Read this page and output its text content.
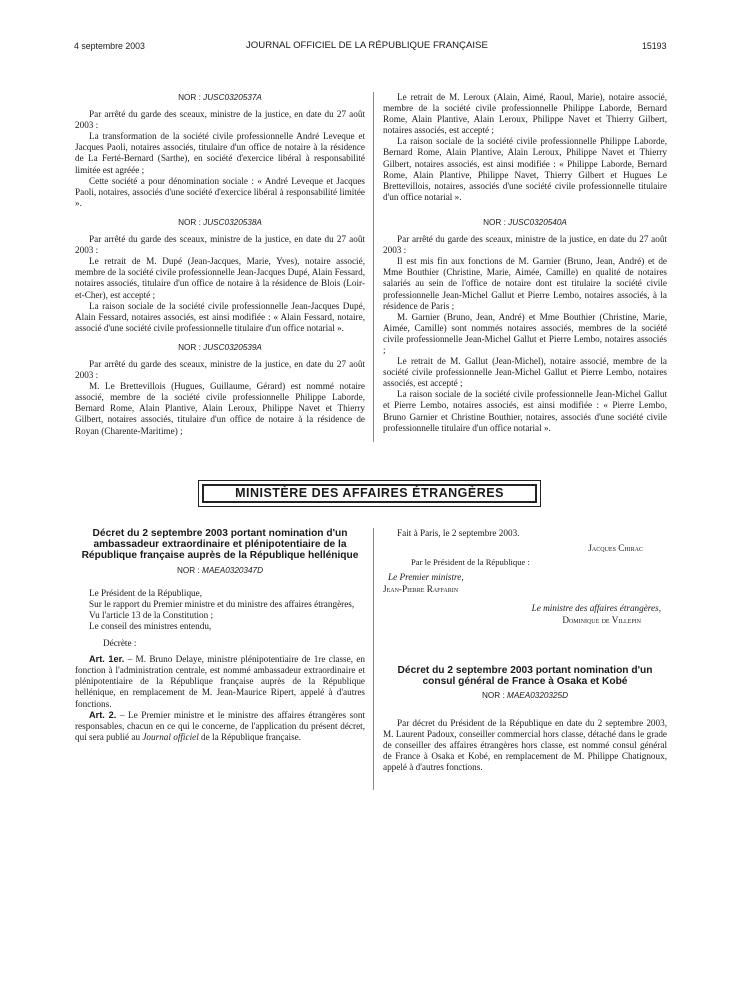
4 septembre 2003	JOURNAL OFFICIEL DE LA RÉPUBLIQUE FRANÇAISE	15193
NOR : JUSC0320537A

Par arrêté du garde des sceaux, ministre de la justice, en date du 27 août 2003 :

La transformation de la société civile professionnelle André Leveque et Jacques Paoli, notaires associés, titulaire d'un office de notaire à la résidence de La Ferté-Bernard (Sarthe), en société d'exercice libéral à responsabilité limitée est agréée ;

Cette société a pour dénomination sociale : « André Leveque et Jacques Paoli, notaires, associés d'une société d'exercice libéral à responsabilité limitée ».

NOR : JUSC0320538A

Par arrêté du garde des sceaux, ministre de la justice, en date du 27 août 2003 :

Le retrait de M. Dupé (Jean-Jacques, Marie, Yves), notaire associé, membre de la société civile professionnelle Jean-Jacques Dupé, Alain Fessard, notaires associés, titulaire d'un office de notaire à la résidence de Blois (Loir-et-Cher), est accepté ;

La raison sociale de la société civile professionnelle Jean-Jacques Dupé, Alain Fessard, notaires associés, est ainsi modifiée : « Alain Fessard, notaire, associé d'une société civile professionnelle titulaire d'un office notarial ».

NOR : JUSC0320539A

Par arrêté du garde des sceaux, ministre de la justice, en date du 27 août 2003 :

M. Le Brettevillois (Hugues, Guillaume, Gérard) est nommé notaire associé, membre de la société civile professionnelle Philippe Laborde, Bernard Rome, Alain Plantive, Alain Leroux, Philippe Navet et Thierry Gilbert, notaires associés, titulaire d'un office de notaire à la résidence de Royan (Charente-Maritime) ;

Le retrait de M. Leroux (Alain, Aimé, Raoul, Marie), notaire associé, membre de la société civile professionnelle Philippe Laborde, Bernard Rome, Alain Plantive, Alain Leroux, Philippe Navet et Thierry Gilbert, notaires associés, est accepté ;

La raison sociale de la société civile professionnelle Philippe Laborde, Bernard Rome, Alain Plantive, Alain Leroux, Philippe Navet et Thierry Gilbert, notaires associés, est ainsi modifiée : « Philippe Laborde, Bernard Rome, Alain Plantive, Philippe Navet, Thierry Gilbert et Hugues Le Brettevillois, notaires, associés d'une société civile professionnelle titulaire d'un office notarial ».

NOR : JUSC0320540A

Par arrêté du garde des sceaux, ministre de la justice, en date du 27 août 2003 :

Il est mis fin aux fonctions de M. Garnier (Bruno, Jean, André) et de Mme Bouthier (Christine, Marie, Aimée, Camille) en qualité de notaires salariés au sein de l'office de notaire dont est titulaire la société civile professionnelle Jean-Michel Gallut et Pierre Lembo, notaires associés, à la résidence de Paris ;

M. Garnier (Bruno, Jean, André) et Mme Bouthier (Christine, Marie, Aimée, Camille) sont nommés notaires associés, membres de la société civile professionnelle Jean-Michel Gallut et Pierre Lembo, notaires associés ;

Le retrait de M. Gallut (Jean-Michel), notaire associé, membre de la société civile professionnelle Jean-Michel Gallut et Pierre Lembo, notaires associés, est accepté ;

La raison sociale de la société civile professionnelle Jean-Michel Gallut et Pierre Lembo, notaires associés, est ainsi modifiée : « Pierre Lembo, Bruno Garnier et Christine Bouthier, notaires, associés d'une société civile professionnelle titulaire d'un office notarial ».

MINISTÈRE DES AFFAIRES ÉTRANGÈRES
Décret du 2 septembre 2003 portant nomination d'un ambassadeur extraordinaire et plénipotentiaire de la République française auprès de la République hellénique
NOR : MAEA0320347D

Le Président de la République,

Sur le rapport du Premier ministre et du ministre des affaires étrangères,

Vu l'article 13 de la Constitution ;

Le conseil des ministres entendu,

Décrète :

Art. 1er. – M. Bruno Delaye, ministre plénipotentiaire de 1re classe, en fonction à l'administration centrale, est nommé ambassadeur extraordinaire et plénipotentiaire de la République française auprès de la République hellénique, en remplacement de M. Jean-Maurice Ripert, appelé à d'autres fonctions.

Art. 2. – Le Premier ministre et le ministre des affaires étrangères sont responsables, chacun en ce qui le concerne, de l'application du présent décret, qui sera publié au Journal officiel de la République française.

Fait à Paris, le 2 septembre 2003.

Jacques Chirac
Par le Président de la République :
Le Premier ministre,
Jean-Pierre Raffarin
Le ministre des affaires étrangères,
Dominique de Villepin
Décret du 2 septembre 2003 portant nomination d'un consul général de France à Osaka et Kobé
NOR : MAEA0320325D

Par décret du Président de la République en date du 2 septembre 2003, M. Laurent Padoux, conseiller commercial hors classe, détaché dans le grade de conseiller des affaires étrangères hors classe, est nommé consul général de France à Osaka et Kobé, en remplacement de M. Philippe Chatignoux, appelé à d'autres fonctions.
